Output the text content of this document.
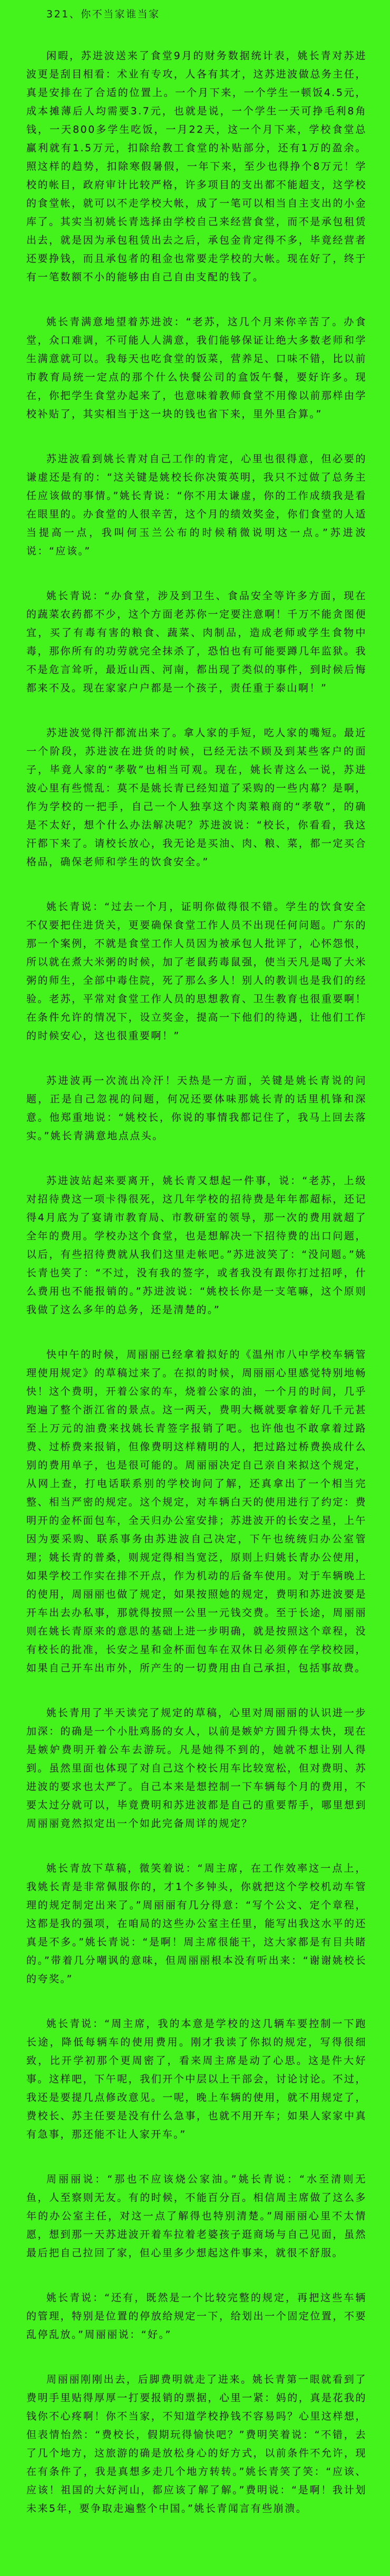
321、你不当家谁当家

闲暇，苏进波送来了食堂9月的财务数据统计表，姚长青对苏进波更是刮目相看：术业有专攻，人各有其才，这苏进波做总务主任，真是安排在了合适的位置上。一个月下来，一个学生一顿饭4.5元，成本摊薄后人均需要3.7元，也就是说，一个学生一天可挣毛利8角钱，一天800多学生吃饭，一月22天，这一个月下来，学校食堂总赢利就有1.5万元，扣除给教工食堂的补贴部分，还有1万的盈余。照这样的趋势，扣除寒假暑假，一年下来，至少也得挣个8万元！学校的帐目，政府审计比较严格，许多项目的支出都不能超支，这学校的食堂帐，就可以不走学校大帐，成了一笔可以相当自主支出的小金库了。其实当初姚长青选择由学校自己来经营食堂，而不是承包租赁出去，就是因为承包租赁出去之后，承包金肯定得不多，毕竟经营者还要挣钱，而且承包者的租金也常要走学校的大帐。现在好了，终于有一笔数额不小的能够由自己自由支配的钱了。

姚长青满意地望着苏进波：“老苏，这几个月来你辛苦了。办食堂，众口难调，不可能人人满意，我们能够保证让绝大多数老师和学生满意就可以。我每天也吃食堂的饭菜，营养足、口味不错，比以前市教育局统一定点的那个什么快餐公司的盒饭午餐，要好许多。现在，你把学生食堂办起来了，也意味着教师食堂不用像以前那样由学校补贴了，其实相当于这一块的钱也省下来，里外里合算。”

苏进波看到姚长青对自己工作的肯定，心里也很得意，但必要的谦虚还是有的：“这关键是姚校长你决策英明，我只不过做了总务主任应该做的事情。”姚长青说：“你不用太谦虚，你的工作成绩我是看在眼里的。办食堂的人很辛苦，这个月的绩效奖金，你们食堂的人适当提高一点，我叫何玉兰公布的时候稍微说明这一点。”苏进波说：“应该。”

姚长青说：“办食堂，涉及到卫生、食品安全等许多方面，现在的蔬菜农药都不少，这个方面老苏你一定要注意啊！千万不能贪图便宜，买了有毒有害的粮食、蔬菜、肉制品，造成老师或学生食物中毒，那你所有的功劳就完全抹杀了，恐怕也有可能要蹲几年监狱。我不是危言耸听，最近山西、河南，都出现了类似的事件，到时候后悔都来不及。现在家家户户都是一个孩子，责任重于泰山啊！”

苏进波觉得汗都流出来了。拿人家的手短，吃人家的嘴短。最近一个阶段，苏进波在进货的时候，已经无法不顾及到某些客户的面子，毕竟人家的“孝敬”也相当可观。现在，姚长青这么一说，苏进波心里有些慌乱：莫不是姚长青已经知道了采购的一些内幕？是啊，作为学校的一把手，自己一个人独享这个肉菜粮商的“孝敬”，的确是不太好，想个什么办法解决呢？苏进波说：“校长，你看看，我这汗都下来了。请校长放心，我无论是买油、肉、粮、菜，都一定买合格品，确保老师和学生的饮食安全。”

姚长青说：“过去一个月，证明你做得很不错。学生的饮食安全不仅要把住进货关，更要确保食堂工作人员不出现任何问题。广东的那一个案例，不就是食堂工作人员因为被承包人批评了，心怀怨恨，所以就在煮大米粥的时候，加了老鼠药毒鼠强，使当天凡是喝了大米粥的师生，全部中毒住院，死了那么多人！别人的教训也是我们的经验。老苏，平常对食堂工作人员的思想教育、卫生教育也很重要啊！在条件允许的情况下，设立奖金，提高一下他们的待遇，让他们工作的时候安心，这也很重要啊！”

苏进波再一次流出冷汗！天热是一方面，关键是姚长青说的问题，正是自己忽视的问题，何况还要体味那姚长青的话里机锋和深意。他郑重地说：“姚校长，你说的事情我都记住了，我马上回去落实。”姚长青满意地点点头。

苏进波站起来要离开，姚长青又想起一件事，说：“老苏，上级对招待费这一项卡得很死，这几年学校的招待费是年年都超标，还记得4月底为了宴请市教育局、市教研室的领导，那一次的费用就超了全年的费用。学校办这个食堂，也是想解决一下招待费的出口问题，以后，有些招待费就从我们这里走帐吧。”苏进波笑了：“没问题。”姚长青也笑了：“不过，没有我的签字，或者我没有跟你打过招呼，什么费用也不能报销的。”苏进波说：“姚校长你是一支笔嘛，这个原则我做了这么多年的总务，还是清楚的。”

快中午的时候，周丽丽已经拿着拟好的《温州市八中学校车辆管理使用规定》的草稿过来了。在拟的时候，周丽丽心里感觉特别地畅快！这个费明，开着公家的车，烧着公家的油，一个月的时间，几乎跑遍了整个浙江省的景点。这一两天，费明大概就要拿着好几千元甚至上万元的油费来找姚长青签字报销了吧。也许他也不敢拿着过路费、过桥费来报销，但像费明这样精明的人，把过路过桥费换成什么别的费用单子，也是很可能的。周丽丽决定自己亲自来拟这个规定，从网上查，打电话联系别的学校询问了解，还真拿出了一个相当完整、相当严密的规定。这个规定，对车辆白天的使用进行了约定：费明开的金杯面包车，全天归办公室安排；苏进波开的长安之星，上午因为要采购、联系事务由苏进波自己决定，下午也统统归办公室管理；姚长青的普桑，则规定得相当宽泛，原则上归姚长青办公使用，如果学校工作实在排不开点，作为机动的后备车使用。对于车辆晚上的使用，周丽丽也做了规定，如果按照她的规定，费明和苏进波要是开车出去办私事，那就得按照一公里一元钱交费。至于长途，周丽丽则在姚长青原来的意思的基础上进一步明确，就是按照这个章程，没有校长的批准，长安之星和金杯面包车在双休日必须停在学校校园，如果自己开车出市外，所产生的一切费用由自己承担，包括事故费。

姚长青用了半天读完了规定的草稿，心里对周丽丽的认识进一步加深：的确是一个小肚鸡肠的女人，以前是嫉妒方圆升得太快，现在是嫉妒费明开着公车去游玩。凡是她得不到的，她就不想让别人得到。虽然里面也体现了对自己这个校长用车比较宽松，但对费明、苏进波的要求也太严了。自己本来是想控制一下车辆每个月的费用，不要太过分就可以，毕竟费明和苏进波都是自己的重要帮手，哪里想到周丽丽竟然拟定出一个如此完备周详的规定？

姚长青放下草稿，微笑着说：“周主席，在工作效率这一点上，我姚长青是非常佩服你的，才1个多钟头，你就把这个学校机动车管理的规定制定出来了。”周丽丽有几分得意：“写个公文、定个章程，这都是我的强项，在咱局的这些办公室主任里，能写出我这水平的还真是不多。”姚长青说：“是啊！周主席很能干，这大家都是有目共睹的。”带着几分嘲讽的意味，但周丽丽根本没有听出来：“谢谢姚校长的夸奖。”

姚长青说：“周主席，我的本意是学校的这几辆车要控制一下跑长途，降低每辆车的使用费用。刚才我读了你拟的规定，写得很细致，比开学初那个更周密了，看来周主席是动了心思。这是件大好事。这样吧，下午呢，我们开个中层以上干部会，讨论讨论。不过，我还是要提几点修改意见。一呢，晚上车辆的使用，就不用规定了，费校长、苏主任要是没有什么急事，也就不用开车；如果人家家中真有急事，那还能不让人家开车。”

周丽丽说：“那也不应该烧公家油。”姚长青说：“水至清则无鱼，人至察则无友。有的时候，不能百分百。相信周主席做了这么多年的办公室主任，对这一点了解得也特别清楚。”周丽丽心里不太情愿，想到那一天苏进波开着车拉着老婆孩子逛商场与自己见面，虽然最后把自己拉回了家，但心里多少想起这件事来，就很不舒服。

姚长青说：“还有，既然是一个比较完整的规定，再把这些车辆的管理，特别是位置的停放给规定一下，给划出一个固定位置，不要乱停乱放。”周丽丽说：“好。”

周丽丽刚刚出去，后脚费明就走了进来。姚长青第一眼就看到了费明手里贴得厚厚一打要报销的票据，心里一紧：妈的，真是花我的钱你不心疼啊！你不当家，不知道学校挣钱不容易吗？心里这样想，但表情怡然：“费校长，假期玩得愉快吧？”费明笑着说：“不错，去了几个地方，这旅游的确是放松身心的好方式，以前条件不允许，现在有条件了，我是真想多走几个地方转转。”姚长青笑了笑：“应该、应该！祖国的大好河山，都应该了解了解。”费明说：“是啊！我计划未来5年，要争取走遍整个中国。”姚长青闻言有些崩溃。
